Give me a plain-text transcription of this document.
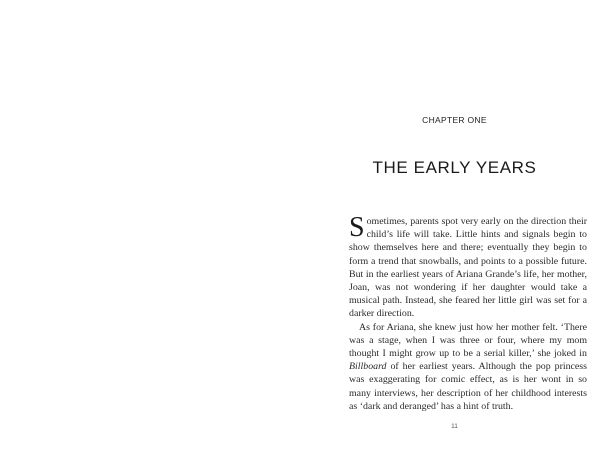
CHAPTER ONE
THE EARLY YEARS

Sometimes, parents spot very early on the direction their child’s life will take. Little hints and signals begin to show themselves here and there; eventually they begin to form a trend that snowballs, and points to a possible future. But in the earliest years of Ariana Grande’s life, her mother, Joan, was not wondering if her daughter would take a musical path. Instead, she feared her little girl was set for a darker direction.

As for Ariana, she knew just how her mother felt. ‘There was a stage, when I was three or four, where my mom thought I might grow up to be a serial killer,’ she joked in Billboard of her earliest years. Although the pop princess was exaggerating for comic effect, as is her wont in so many interviews, her description of her childhood interests as ‘dark and deranged’ has a hint of truth.

11
